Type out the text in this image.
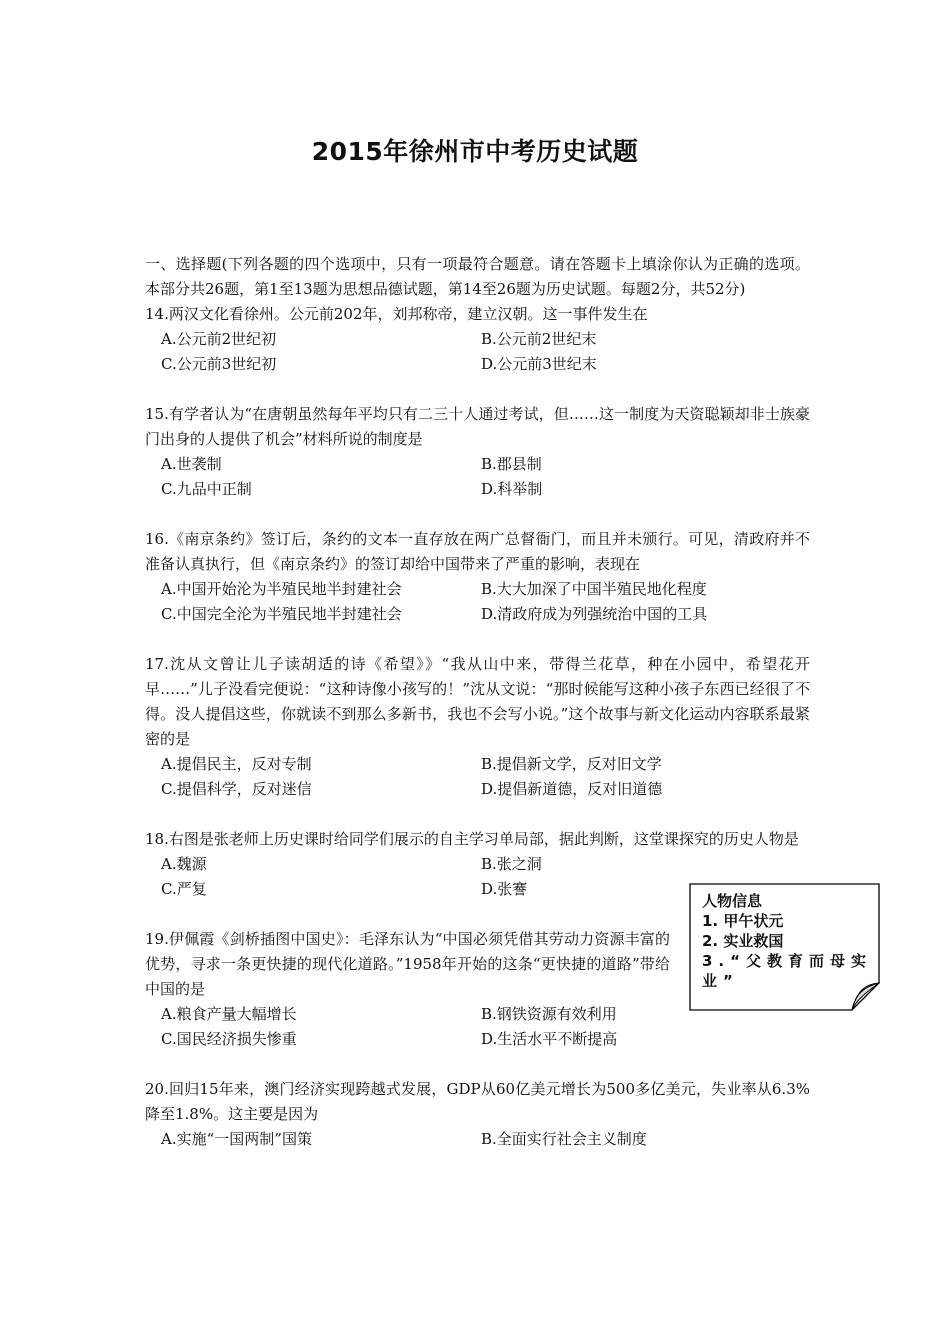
2015年徐州市中考历史试题

一、选择题(下列各题的四个选项中，只有一项最符合题意。请在答题卡上填涂你认为正确的选项。本部分共26题，第1至13题为思想品德试题，第14至26题为历史试题。每题2分，共52分)

14.两汉文化看徐州。公元前202年，刘邦称帝，建立汉朝。这一事件发生在

A.公元前2世纪初	B.公元前2世纪末
C.公元前3世纪初	D.公元前3世纪末

15.有学者认为“在唐朝虽然每年平均只有二三十人通过考试，但……这一制度为天资聪颖却非士族豪门出身的人提供了机会”材料所说的制度是

A.世袭制	B.郡县制
C.九品中正制	D.科举制

16.《南京条约》签订后，条约的文本一直存放在两广总督衙门，而且并未颁行。可见，清政府并不准备认真执行，但《南京条约》的签订却给中国带来了严重的影响，表现在

A.中国开始沦为半殖民地半封建社会	B.大大加深了中国半殖民地化程度
C.中国完全沦为半殖民地半封建社会	D.清政府成为列强统治中国的工具

17.沈从文曾让儿子读胡适的诗《希望》》“我从山中来，带得兰花草，种在小园中，希望花开早……”儿子没看完便说：“这种诗像小孩写的！”沈从文说：“那时候能写这种小孩子东西已经很了不得。没人提倡这些，你就读不到那么多新书，我也不会写小说。”这个故事与新文化运动内容联系最紧密的是

A.提倡民主，反对专制	B.提倡新文学，反对旧文学
C.提倡科学，反对迷信	D.提倡新道德，反对旧道德

18.右图是张老师上历史课时给同学们展示的自主学习单局部，据此判断，这堂课探究的历史人物是

A.魏源	B.张之洞
C.严复	D.张謇

19.伊佩霞《剑桥插图中国史》：毛泽东认为“中国必须凭借其劳动力资源丰富的优势，寻求一条更快捷的现代化道路。”1958年开始的这条“更快捷的道路”带给中国的是

A.粮食产量大幅增长	B.钢铁资源有效利用
C.国民经济损失惨重	D.生活水平不断提高

20.回归15年来，澳门经济实现跨越式发展，GDP从60亿美元增长为500多亿美元，失业率从6.3%降至1.8%。这主要是因为

A.实施“一国两制”国策	B.全面实行社会主义制度
人物信息
1. 甲午状元
2. 实业救国
3.“父教育而母实业”
